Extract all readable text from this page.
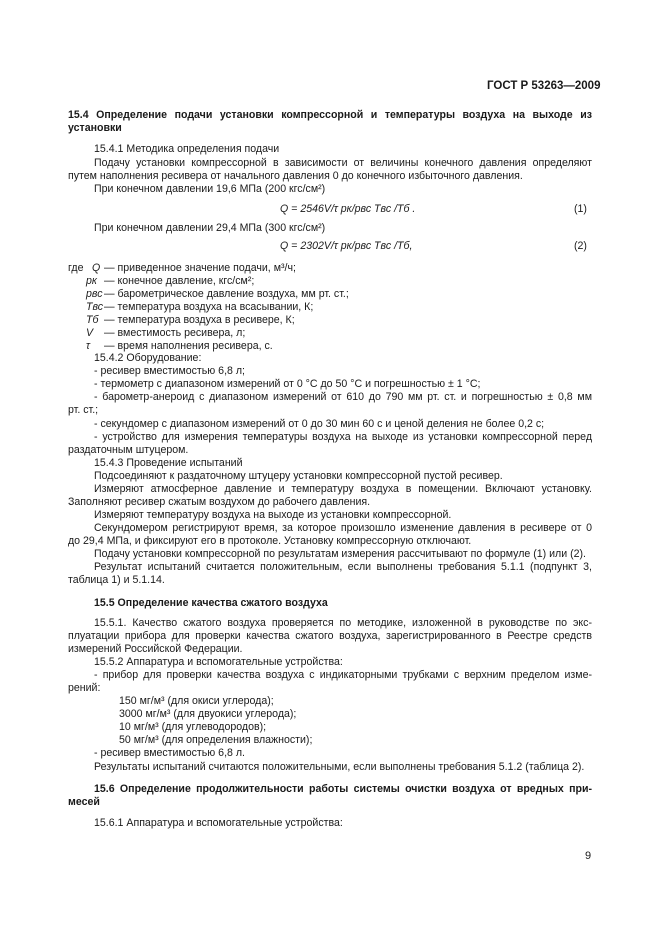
ГОСТ Р 53263—2009
15.4 Определение подачи установки компрессорной и температуры воздуха на выходе из
установки
15.4.1 Методика определения подачи
Подачу установки компрессорной в зависимости от величины конечного давления определяют
путем наполнения ресивера от начального давления 0 до конечного избыточного давления.
При конечном давлении 19,6 МПа (200 кгс/см²)
Q = 2546V/τ pк/pвс Tвс /Tб .	(1)
При конечном давлении 29,4 МПа (300 кгс/см²)
Q = 2302V/τ pк/pвс Tвс /Tб,	(2)
где Q — приведенное значение подачи, м³/ч;
pк — конечное давление, кгс/см²;
pвс — барометрическое давление воздуха, мм рт. ст.;
Tвс — температура воздуха на всасывании, К;
Tб — температура воздуха в ресивере, К;
V	— вместимость ресивера, л;
τ	— время наполнения ресивера, с.
15.4.2 Оборудование:
- ресивер вместимостью 6,8 л;
- термометр с диапазоном измерений от 0 °С до 50 °С и погрешностью ± 1 °С;
- барометр-анероид с диапазоном измерений от 610 до 790 мм рт. ст. и погрешностью ± 0,8 мм
рт. ст.;
- секундомер с диапазоном измерений от 0 до 30 мин 60 с и ценой деления не более 0,2 с;
- устройство для измерения температуры воздуха на выходе из установки компрессорной перед
раздаточным штуцером.
15.4.3 Проведение испытаний
Подсоединяют к раздаточному штуцеру установки компрессорной пустой ресивер.
Измеряют атмосферное давление и температуру воздуха в помещении. Включают установку.
Заполняют ресивер сжатым воздухом до рабочего давления.
Измеряют температуру воздуха на выходе из установки компрессорной.
Секундомером регистрируют время, за которое произошло изменение давления в ресивере от 0
до 29,4 МПа, и фиксируют его в протоколе. Установку компрессорную отключают.
Подачу установки компрессорной по результатам измерения рассчитывают по формуле (1) или (2).
Результат испытаний считается положительным, если выполнены требования 5.1.1 (подпункт 3,
таблица 1) и 5.1.14.
15.5 Определение качества сжатого воздуха
15.5.1. Качество сжатого воздуха проверяется по методике, изложенной в руководстве по экс-
плуатации прибора для проверки качества сжатого воздуха, зарегистрированного в Реестре средств
измерений Российской Федерации.
15.5.2 Аппаратура и вспомогательные устройства:
- прибор для проверки качества воздуха с индикаторными трубками с верхним пределом изме-
рений:
150 мг/м³ (для окиси углерода);
3000 мг/м³ (для двуокиси углерода);
10 мг/м³ (для углеводородов);
50 мг/м³ (для определения влажности);
- ресивер вместимостью 6,8 л.
Результаты испытаний считаются положительными, если выполнены требования 5.1.2 (таблица 2).
15.6 Определение продолжительности работы системы очистки воздуха от вредных при-
месей
15.6.1 Аппаратура и вспомогательные устройства:
9
